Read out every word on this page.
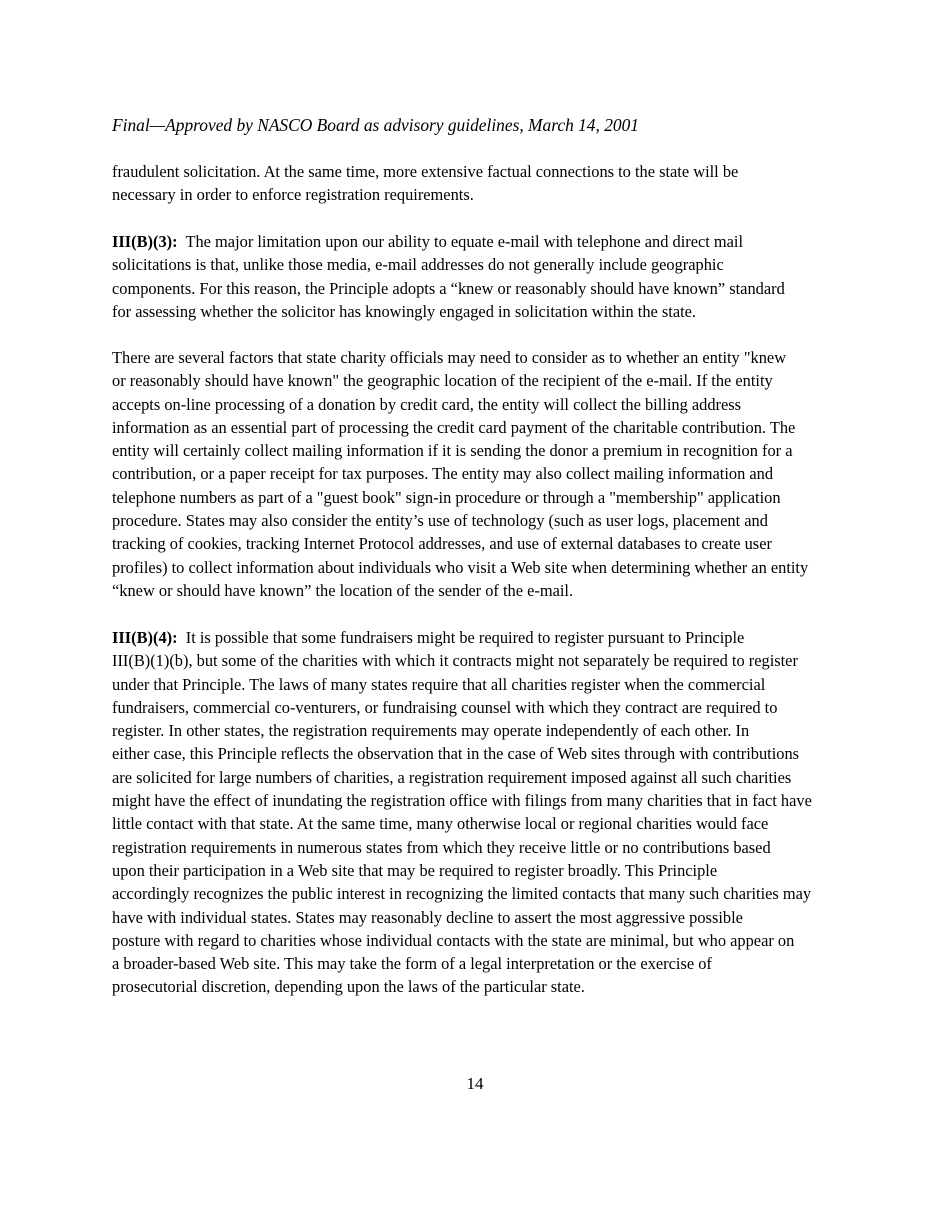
Final—Approved by NASCO Board as advisory guidelines, March 14, 2001
fraudulent solicitation. At the same time, more extensive factual connections to the state will be
necessary in order to enforce registration requirements.
III(B)(3):  The major limitation upon our ability to equate e-mail with telephone and direct mail
solicitations is that, unlike those media, e-mail addresses do not generally include geographic
components. For this reason, the Principle adopts a “knew or reasonably should have known” standard
for assessing whether the solicitor has knowingly engaged in solicitation within the state.
There are several factors that state charity officials may need to consider as to whether an entity "knew
or reasonably should have known" the geographic location of the recipient of the e-mail. If the entity
accepts on-line processing of a donation by credit card, the entity will collect the billing address
information as an essential part of processing the credit card payment of the charitable contribution. The
entity will certainly collect mailing information if it is sending the donor a premium in recognition for a
contribution, or a paper receipt for tax purposes. The entity may also collect mailing information and
telephone numbers as part of a "guest book" sign-in procedure or through a "membership" application
procedure. States may also consider the entity’s use of technology (such as user logs, placement and
tracking of cookies, tracking Internet Protocol addresses, and use of external databases to create user
profiles) to collect information about individuals who visit a Web site when determining whether an entity
“knew or should have known” the location of the sender of the e-mail.
III(B)(4):  It is possible that some fundraisers might be required to register pursuant to Principle
III(B)(1)(b), but some of the charities with which it contracts might not separately be required to register
under that Principle. The laws of many states require that all charities register when the commercial
fundraisers, commercial co-venturers, or fundraising counsel with which they contract are required to
register. In other states, the registration requirements may operate independently of each other. In
either case, this Principle reflects the observation that in the case of Web sites through with contributions
are solicited for large numbers of charities, a registration requirement imposed against all such charities
might have the effect of inundating the registration office with filings from many charities that in fact have
little contact with that state. At the same time, many otherwise local or regional charities would face
registration requirements in numerous states from which they receive little or no contributions based
upon their participation in a Web site that may be required to register broadly. This Principle
accordingly recognizes the public interest in recognizing the limited contacts that many such charities may
have with individual states. States may reasonably decline to assert the most aggressive possible
posture with regard to charities whose individual contacts with the state are minimal, but who appear on
a broader-based Web site. This may take the form of a legal interpretation or the exercise of
prosecutorial discretion, depending upon the laws of the particular state.
14
